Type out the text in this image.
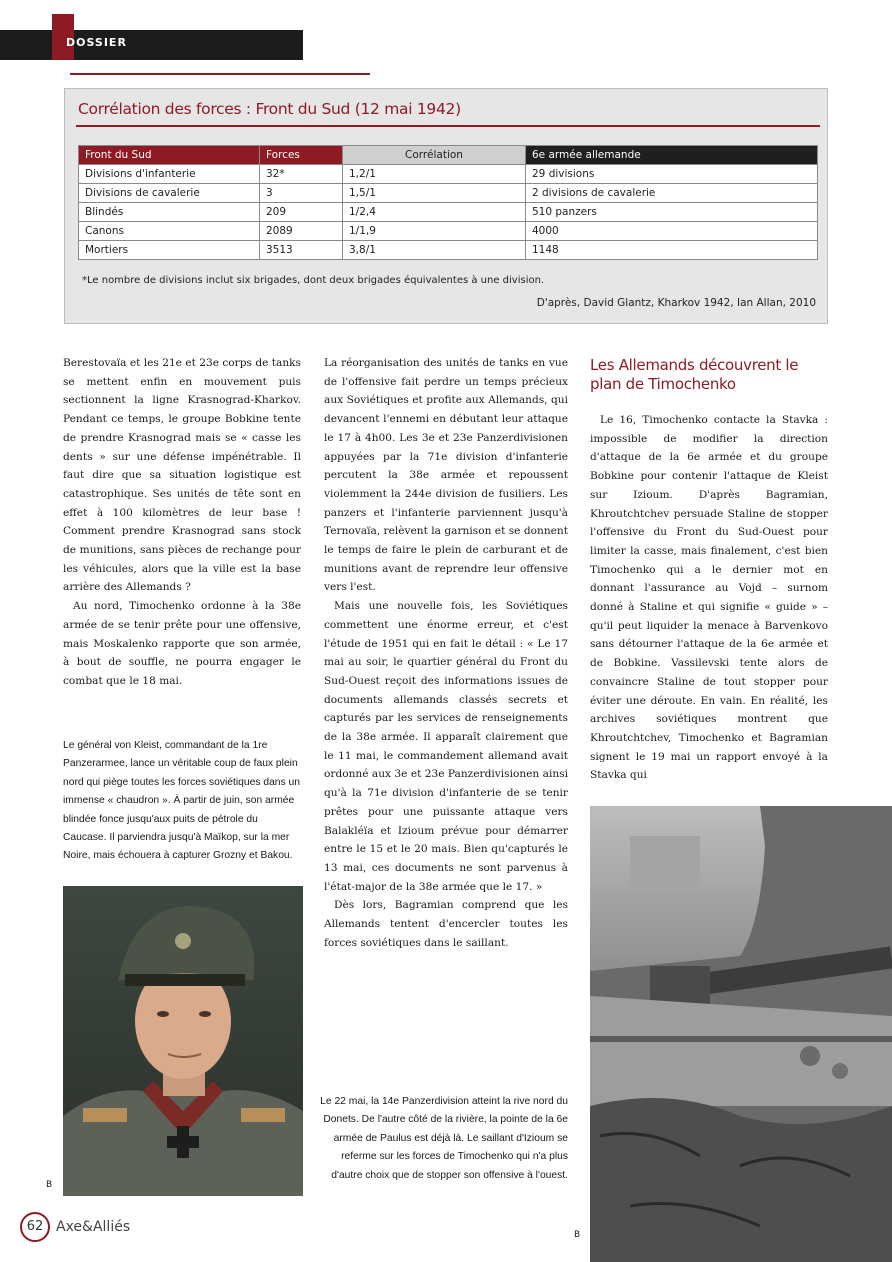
DOSSIER
Corrélation des forces : Front du Sud (12 mai 1942)
Front du Sud	Forces	Corrélation	6e armée allemande
Divisions d'infanterie	32*	1,2/1	29 divisions
Divisions de cavalerie	3	1,5/1	2 divisions de cavalerie
Blindés	209	1/2,4	510 panzers
Canons	2089	1/1,9	4000
Mortiers	3513	3,8/1	1148
*Le nombre de divisions inclut six brigades, dont deux brigades équivalentes à une division.
D'après, David Glantz, Kharkov 1942, Ian Allan, 2010

Berestovaïa et les 21e et 23e corps de tanks se mettent enfin en mouvement puis sectionnent la ligne Krasnograd-Kharkov. Pendant ce temps, le groupe Bobkine tente de prendre Krasnograd mais se « casse les dents » sur une défense impénétrable. Il faut dire que sa situation logistique est catastrophique. Ses unités de tête sont en effet à 100 kilomètres de leur base ! Comment prendre Krasnograd sans stock de munitions, sans pièces de rechange pour les véhicules, alors que la ville est la base arrière des Allemands ?

Au nord, Timochenko ordonne à la 38e armée de se tenir prête pour une offensive, mais Moskalenko rapporte que son armée, à bout de souffle, ne pourra engager le combat que le 18 mai.

La réorganisation des unités de tanks en vue de l'offensive fait perdre un temps précieux aux Soviétiques et profite aux Allemands, qui devancent l'ennemi en débutant leur attaque le 17 à 4h00. Les 3e et 23e Panzerdivisionen appuyées par la 71e division d'infanterie percutent la 38e armée et repoussent violemment la 244e division de fusiliers. Les panzers et l'infanterie parviennent jusqu'à Ternovaïa, relèvent la garnison et se donnent le temps de faire le plein de carburant et de munitions avant de reprendre leur offensive vers l'est.

Mais une nouvelle fois, les Soviétiques commettent une énorme erreur, et c'est l'étude de 1951 qui en fait le détail : « Le 17 mai au soir, le quartier général du Front du Sud-Ouest reçoit des informations issues de documents allemands classés secrets et capturés par les services de renseignements de la 38e armée. Il apparaît clairement que le 11 mai, le commandement allemand avait ordonné aux 3e et 23e Panzerdivisionen ainsi qu'à la 71e division d'infanterie de se tenir prêtes pour une puissante attaque vers Balakléïa et Izioum prévue pour démarrer entre le 15 et le 20 mais. Bien qu'capturés le 13 mai, ces documents ne sont parvenus à l'état-major de la 38e armée que le 17. »

Dès lors, Bagramian comprend que les Allemands tentent d'encercler toutes les forces soviétiques dans le saillant.

Les Allemands découvrent le plan de Timochenko

Le 16, Timochenko contacte la Stavka : impossible de modifier la direction d'attaque de la 6e armée et du groupe Bobkine pour contenir l'attaque de Kleist sur Izioum. D'après Bagramian, Khroutchtchev persuade Staline de stopper l'offensive du Front du Sud-Ouest pour limiter la casse, mais finalement, c'est bien Timochenko qui a le dernier mot en donnant l'assurance au Vojd – surnom donné à Staline et qui signifie « guide » – qu'il peut liquider la menace à Barvenkovo sans détourner l'attaque de la 6e armée et de Bobkine. Vassilevski tente alors de convaincre Staline de tout stopper pour éviter une déroute. En vain. En réalité, les archives soviétiques montrent que Khroutchtchev, Timochenko et Bagramian signent le 19 mai un rapport envoyé à la Stavka qui

Le général von Kleist, commandant de la 1re Panzerarmee, lance un véritable coup de faux plein nord qui piège toutes les forces soviétiques dans un immense « chaudron ». À partir de juin, son armée blindée fonce jusqu'aux puits de pétrole du Caucase. Il parviendra jusqu'à Maïkop, sur la mer Noire, mais échouera à capturer Grozny et Bakou.
Le 22 mai, la 14e Panzerdivision atteint la rive nord du Donets. De l'autre côté de la rivière, la pointe de la 6e armée de Paulus est déjà là. Le saillant d'Izioum se referme sur les forces de Timochenko qui n'a plus d'autre choix que de stopper son offensive à l'ouest.
B
B
62 Axe&Alliés
